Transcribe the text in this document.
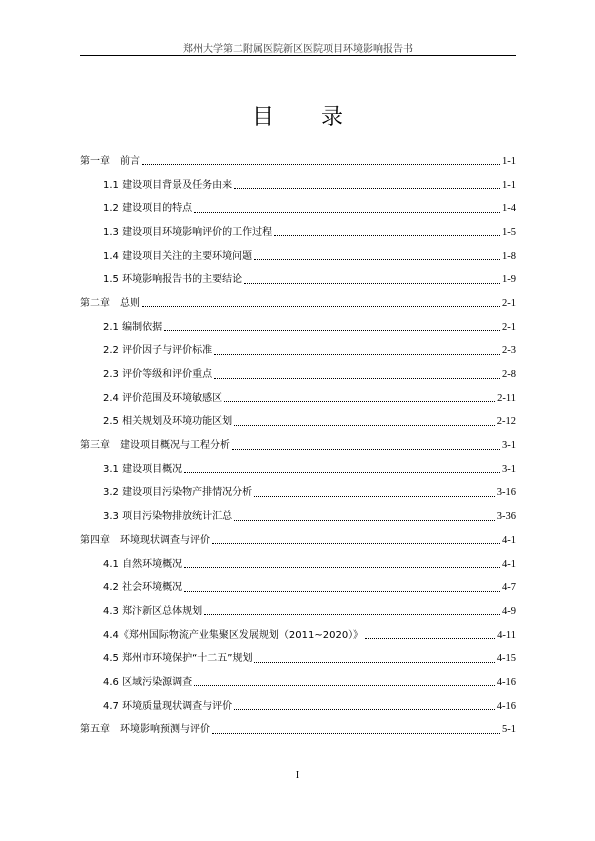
郑州大学第二附属医院新区医院项目环境影响报告书
目 录
第一章　前言	1-1
1.1 建设项目背景及任务由来	1-1
1.2 建设项目的特点	1-4
1.3 建设项目环境影响评价的工作过程	1-5
1.4 建设项目关注的主要环境问题	1-8
1.5 环境影响报告书的主要结论	1-9
第二章　总则	2-1
2.1 编制依据	2-1
2.2 评价因子与评价标准	2-3
2.3 评价等级和评价重点	2-8
2.4 评价范围及环境敏感区	2-11
2.5 相关规划及环境功能区划	2-12
第三章　建设项目概况与工程分析	3-1
3.1 建设项目概况	3-1
3.2 建设项目污染物产排情况分析	3-16
3.3 项目污染物排放统计汇总	3-36
第四章　环境现状调查与评价	4-1
4.1 自然环境概况	4-1
4.2 社会环境概况	4-7
4.3 郑汴新区总体规划	4-9
4.4《郑州国际物流产业集聚区发展规划（2011~2020）》	4-11
4.5 郑州市环境保护“十二五”规划	4-15
4.6 区域污染源调查	4-16
4.7 环境质量现状调查与评价	4-16
第五章　环境影响预测与评价	5-1
I
